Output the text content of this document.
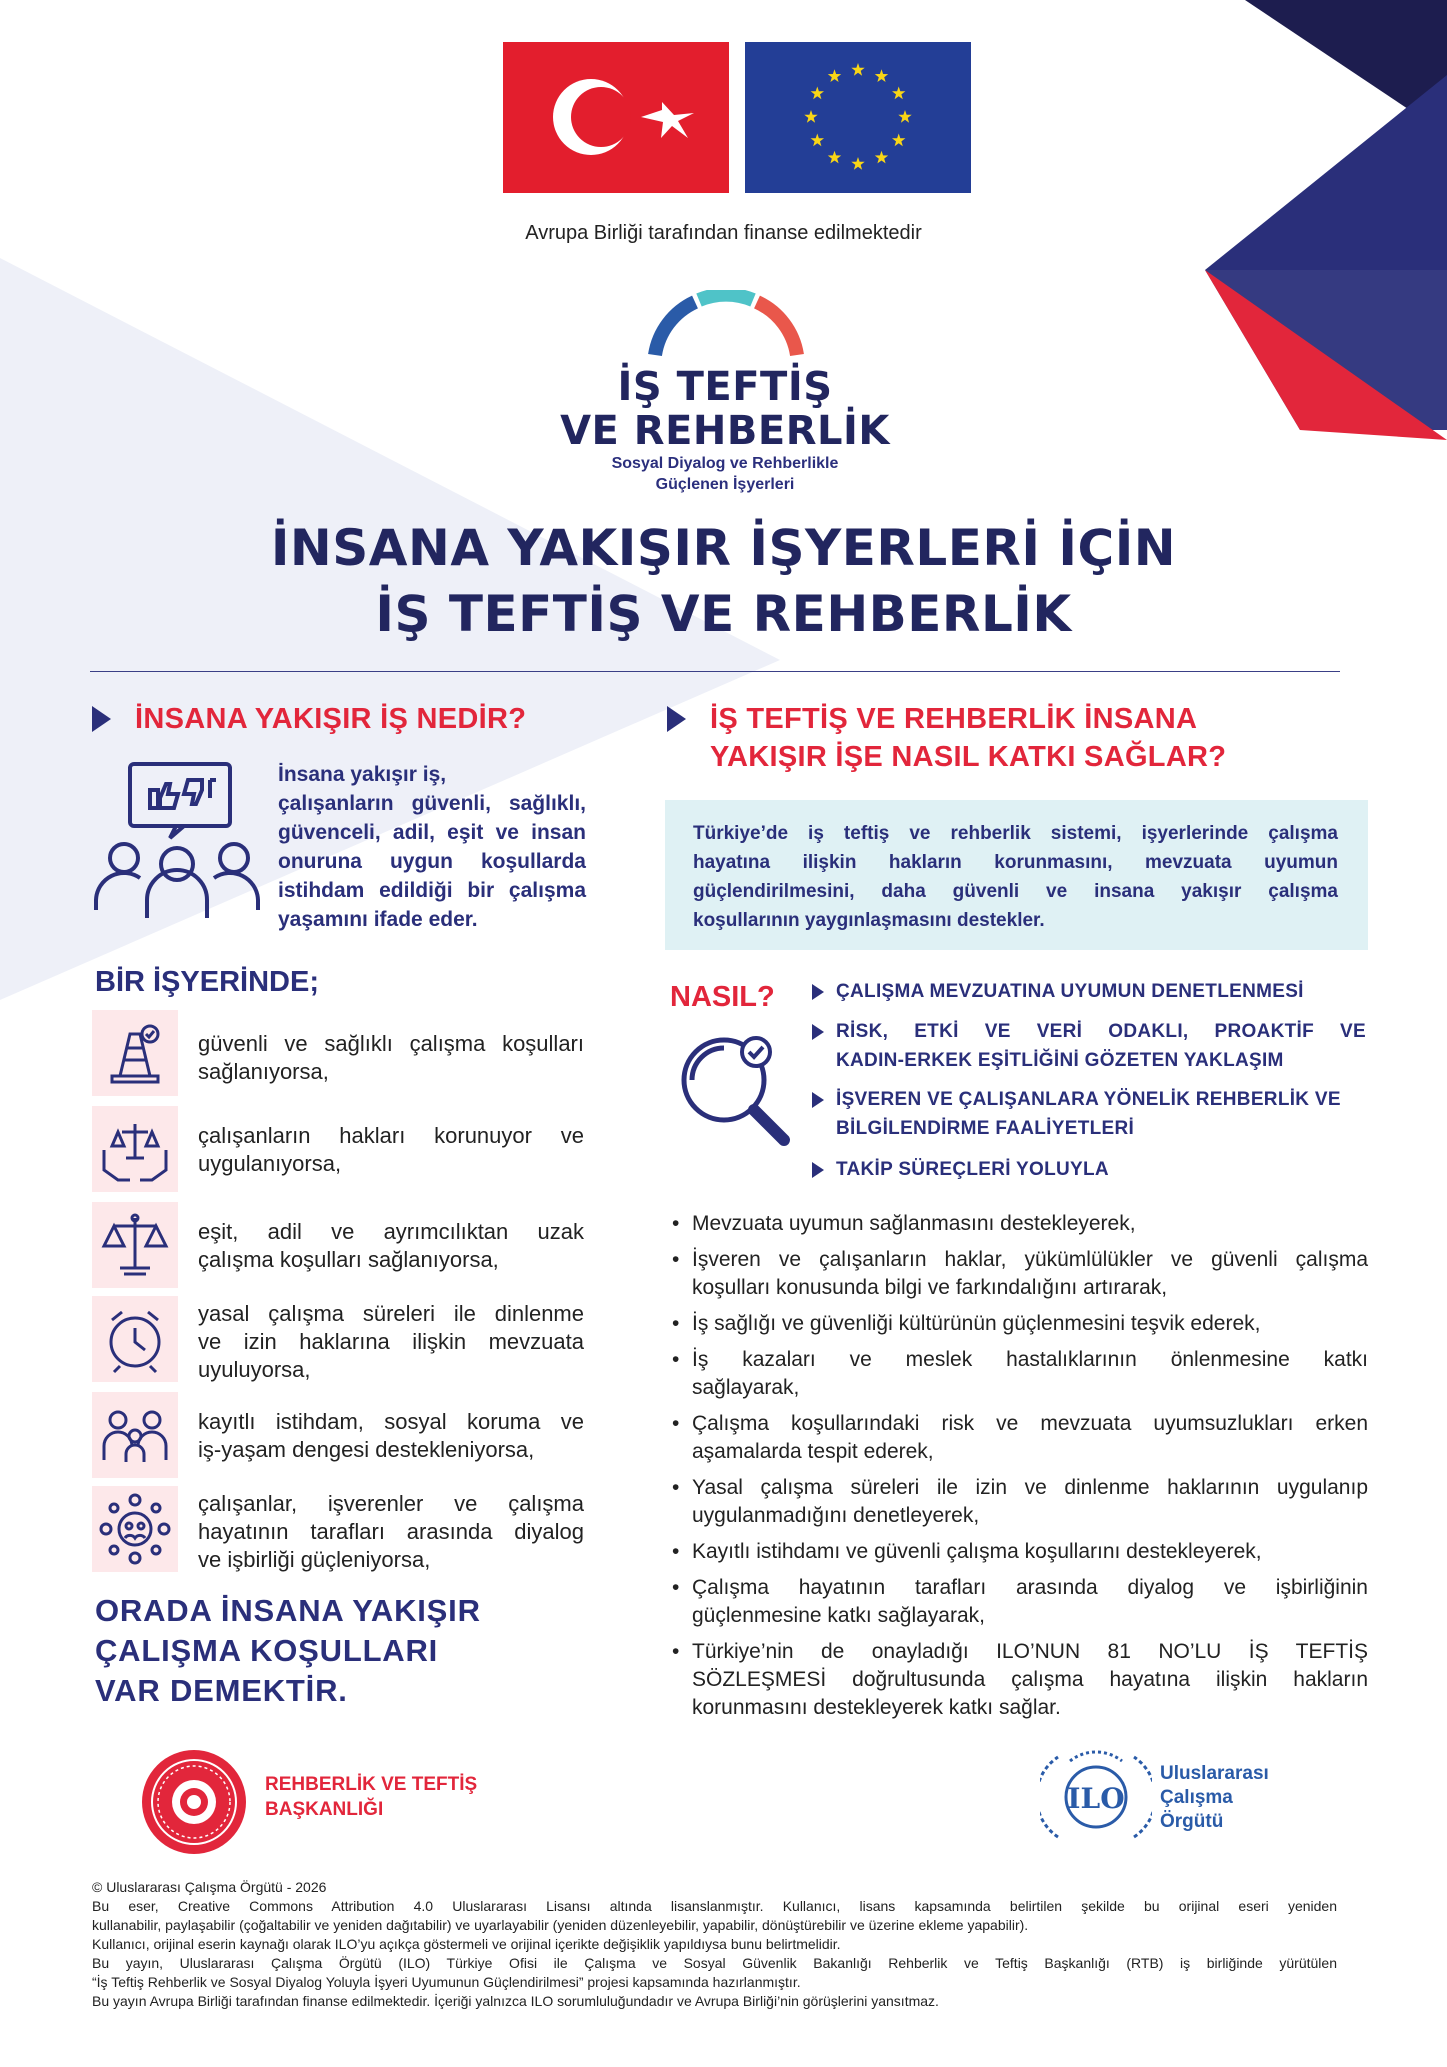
Avrupa Birliği tarafından finanse edilmektedir
İŞ TEFTİŞ
VE REHBERLİK
Sosyal Diyalog ve Rehberlikle
Güçlenen İşyerleri
İNSANA YAKIŞIR İŞYERLERİ İÇİN
İŞ TEFTİŞ VE REHBERLİK
İNSANA YAKIŞIR İŞ NEDİR?
İnsana yakışır iş,
çalışanların güvenli, sağlıklı,
güvenceli, adil, eşit ve insan
onuruna uygun koşullarda
istihdam edildiği bir çalışma
yaşamını ifade eder.
BİR İŞYERİNDE;
güvenli ve sağlıklı çalışma koşulları
sağlanıyorsa,
çalışanların hakları korunuyor ve
uygulanıyorsa,
eşit, adil ve ayrımcılıktan uzak
çalışma koşulları sağlanıyorsa,
yasal çalışma süreleri ile dinlenme
ve izin haklarına ilişkin mevzuata
uyuluyorsa,
kayıtlı istihdam, sosyal koruma ve
iş-yaşam dengesi destekleniyorsa,
çalışanlar, işverenler ve çalışma
hayatının tarafları arasında diyalog
ve işbirliği güçleniyorsa,
ORADA İNSANA YAKIŞIR
ÇALIŞMA KOŞULLARI
VAR DEMEKTİR.
İŞ TEFTİŞ VE REHBERLİK İNSANA
YAKIŞIR İŞE NASIL KATKI SAĞLAR?
Türkiye’de iş teftiş ve rehberlik sistemi, işyerlerinde çalışma
hayatına ilişkin hakların korunmasını, mevzuata uyumun
güçlendirilmesini, daha güvenli ve insana yakışır çalışma
koşullarının yaygınlaşmasını destekler.
NASIL?	ÇALIŞMA MEVZUATINA UYUMUN DENETLENMESİ
RİSK, ETKİ VE VERİ ODAKLI, PROAKTİF VE
KADIN-ERKEK EŞİTLİĞİNİ GÖZETEN YAKLAŞIM
İŞVEREN VE ÇALIŞANLARA YÖNELİK REHBERLİK VE BİLGİLENDİRME FAALİYETLERİ
TAKİP SÜREÇLERİ YOLUYLA
• Mevzuata uyumun sağlanmasını destekleyerek,
• İşveren ve çalışanların haklar, yükümlülükler ve güvenli çalışma
koşulları konusunda bilgi ve farkındalığını artırarak,
• İş sağlığı ve güvenliği kültürünün güçlenmesini teşvik ederek,
• İş kazaları ve meslek hastalıklarının önlenmesine katkı
sağlayarak,
• Çalışma koşullarındaki risk ve mevzuata uyumsuzlukları erken
aşamalarda tespit ederek,
• Yasal çalışma süreleri ile izin ve dinlenme haklarının uygulanıp
uygulanmadığını denetleyerek,
• Kayıtlı istihdamı ve güvenli çalışma koşullarını destekleyerek,
• Çalışma hayatının tarafları arasında diyalog ve işbirliğinin
güçlenmesine katkı sağlayarak,
• Türkiye’nin de onayladığı ILO’NUN 81 NO’LU İŞ TEFTİŞ
SÖZLEŞMESİ doğrultusunda çalışma hayatına ilişkin hakların
korunmasını destekleyerek katkı sağlar.
REHBERLİK VE TEFTİŞ
BAŞKANLIĞI	ILO
Uluslararası
Çalışma
Örgütü
© Uluslararası Çalışma Örgütü - 2026
Bu eser, Creative Commons Attribution 4.0 Uluslararası Lisansı altında lisanslanmıştır. Kullanıcı, lisans kapsamında belirtilen şekilde bu orijinal eseri yeniden
kullanabilir, paylaşabilir (çoğaltabilir ve yeniden dağıtabilir) ve uyarlayabilir (yeniden düzenleyebilir, yapabilir, dönüştürebilir ve üzerine ekleme yapabilir).
Kullanıcı, orijinal eserin kaynağı olarak ILO’yu açıkça göstermeli ve orijinal içerikte değişiklik yapıldıysa bunu belirtmelidir.
Bu yayın, Uluslararası Çalışma Örgütü (ILO) Türkiye Ofisi ile Çalışma ve Sosyal Güvenlik Bakanlığı Rehberlik ve Teftiş Başkanlığı (RTB) iş birliğinde yürütülen
“İş Teftiş Rehberlik ve Sosyal Diyalog Yoluyla İşyeri Uyumunun Güçlendirilmesi” projesi kapsamında hazırlanmıştır.
Bu yayın Avrupa Birliği tarafından finanse edilmektedir. İçeriği yalnızca ILO sorumluluğundadır ve Avrupa Birliği’nin görüşlerini yansıtmaz.
